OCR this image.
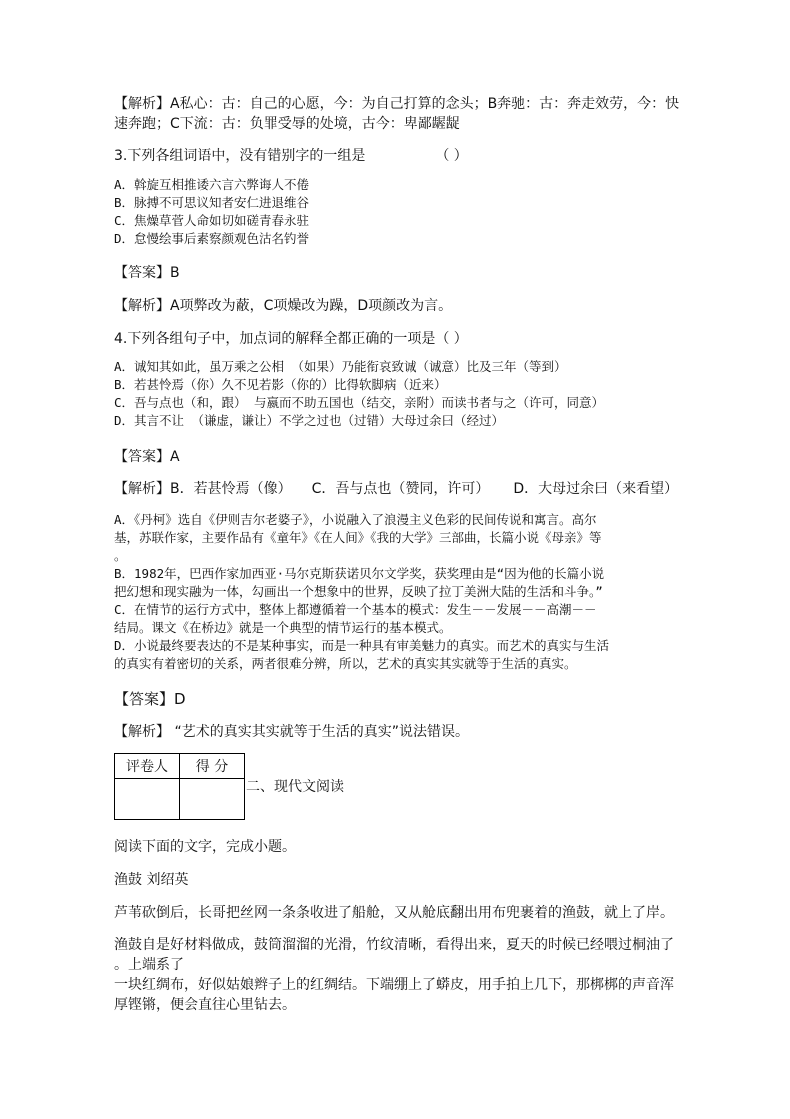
【解析】A私心：古：自己的心愿，今：为自己打算的念头；B奔驰：古：奔走效劳，今：快
速奔跑；C下流：古：负罪受辱的处境，古今：卑鄙龌龊
3.下列各组词语中，没有错别字的一组是	（ ）
A．斡旋互相推诿六言六弊诲人不倦
B．脉搏不可思议知者安仁进退维谷
C．焦燥草菅人命如切如磋青春永驻
D．怠慢绘事后素察颜观色沽名钓誉
【答案】B
【解析】A项弊改为蔽，C项燥改为躁，D项颜改为言。
4.下列各组句子中，加点词的解释全都正确的一项是（ ）
A．诚知其如此，虽万乘之公相 （如果）乃能衔哀致诚（诚意）比及三年（等到）
B．若甚怜焉（你）久不见若影（你的）比得软脚病（近来）
C．吾与点也（和，跟） 与嬴而不助五国也（结交，亲附）而读书者与之（许可，同意）
D．其言不让 （谦虚，谦让）不学之过也（过错）大母过余曰（经过）
【答案】A
【解析】B．若甚怜焉（像） C．吾与点也（赞同，许可） D．大母过余曰（来看望）
A．《丹柯》选自《伊则吉尔老婆子》，小说融入了浪漫主义色彩的民间传说和寓言。高尔
基，苏联作家，主要作品有《童年》《在人间》《我的大学》三部曲，长篇小说《母亲》等
。
B．1982年，巴西作家加西亚·马尔克斯获诺贝尔文学奖，获奖理由是“因为他的长篇小说
把幻想和现实融为一体，勾画出一个想象中的世界，反映了拉丁美洲大陆的生活和斗争。”
C．在情节的运行方式中，整体上都遵循着一个基本的模式：发生－－发展－－高潮－－
结局。课文《在桥边》就是一个典型的情节运行的基本模式。
D．小说最终要表达的不是某种事实，而是一种具有审美魅力的真实。而艺术的真实与生活
的真实有着密切的关系，两者很难分辨，所以，艺术的真实其实就等于生活的真实。
【答案】D
【解析】 “艺术的真实其实就等于生活的真实”说法错误。
评卷人	得 分

二、现代文阅读
阅读下面的文字，完成小题。
渔鼓 刘绍英
芦苇砍倒后，长哥把丝网一条条收进了船舱，又从舱底翻出用布兜裹着的渔鼓，就上了岸。
渔鼓自是好材料做成，鼓筒溜溜的光滑，竹纹清晰，看得出来，夏天的时候已经喂过桐油了
。上端系了
一块红绸布，好似姑娘辫子上的红绸结。下端绷上了蟒皮，用手拍上几下，那梆梆的声音浑
厚铿锵，便会直往心里钻去。
